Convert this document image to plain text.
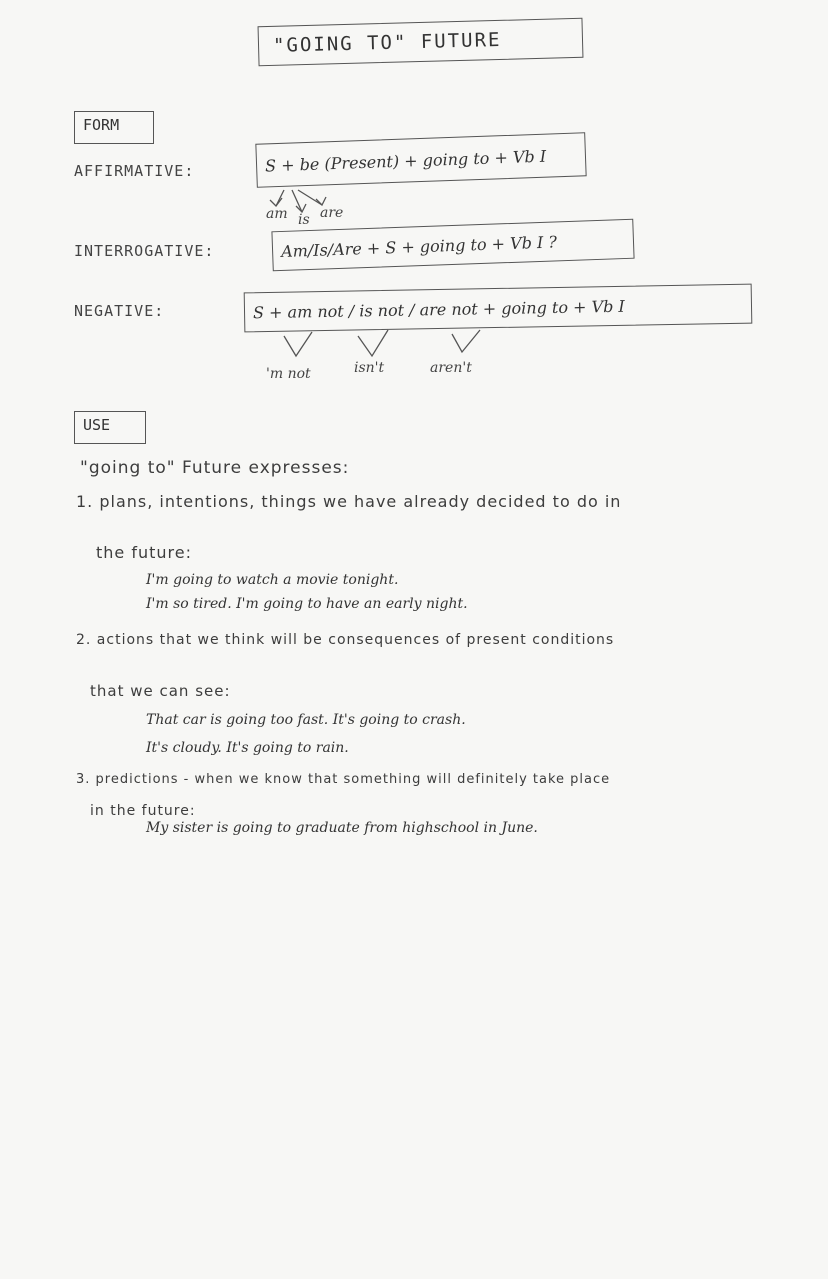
"GOING TO" FUTURE
FORM
AFFIRMATIVE:	S + be (Present) + going to + Vb I
am is are
INTERROGATIVE:	Am/Is/Are + S + going to + Vb I ?
NEGATIVE:	S + am not / is not / are not + going to + Vb I
'm not	isn't	aren't
USE
"going to" Future expresses:
1. plans, intentions, things we have already decided to do in
the future:
I'm going to watch a movie tonight.
I'm so tired. I'm going to have an early night.
2. actions that we think will be consequences of present conditions
that we can see:
That car is going too fast. It's going to crash.
It's cloudy. It's going to rain.
3. predictions - when we know that something will definitely take place
in the future:
My sister is going to graduate from highschool in June.
